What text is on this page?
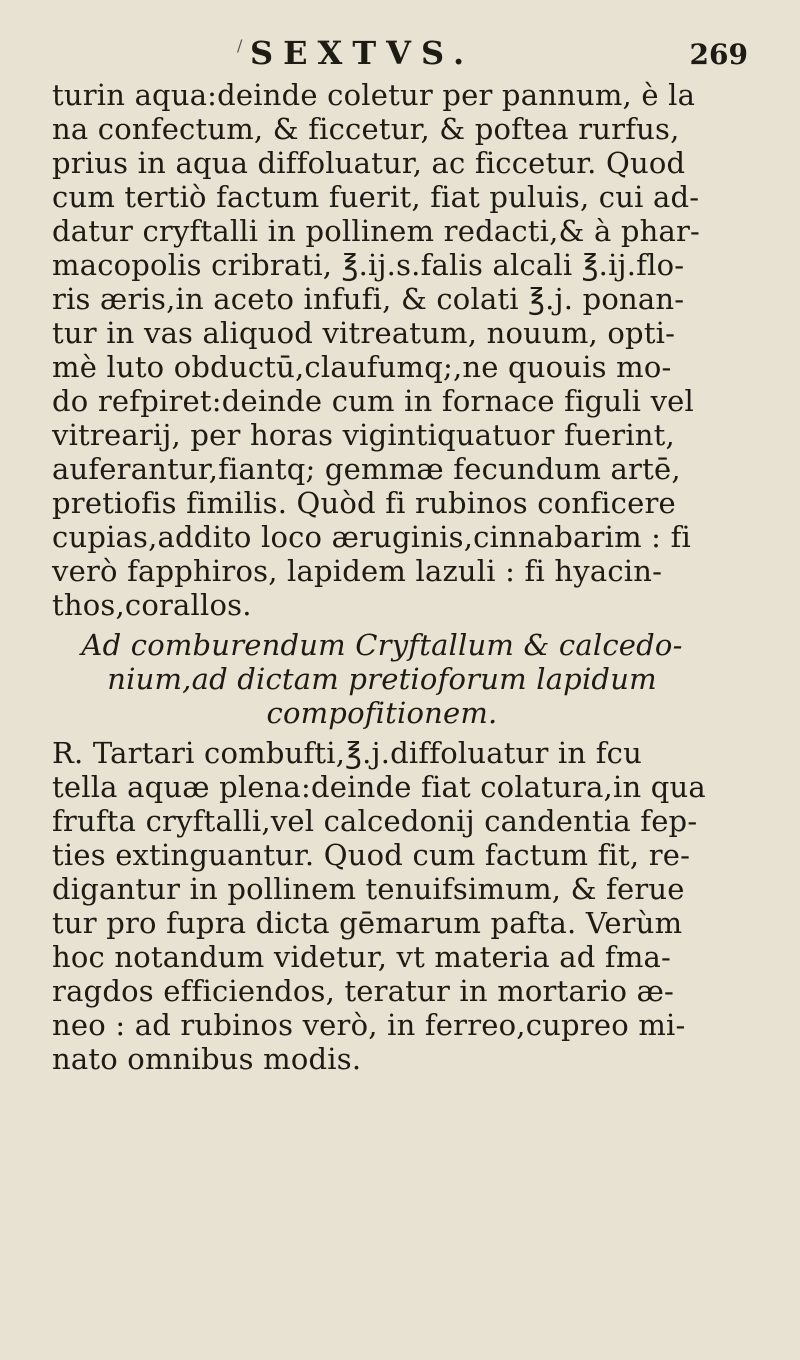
/ SEXTVS.	269
turin aqua:deinde coletur per pannum, è la
na confectum, & ficcetur, & poftea rurfus,
prius in aqua diffoluatur, ac ficcetur. Quod
cum tertiò factum fuerit, fiat puluis, cui ad-
datur cryftalli in pollinem redacti,& à phar-
macopolis cribrati, ℥.ij.s.falis alcali ℥.ij.flo-
ris æris,in aceto infufi, & colati ℥.j. ponan-
tur in vas aliquod vitreatum, nouum, opti-
mè luto obductū,claufumq;,ne quouis mo-
do refpiret:deinde cum in fornace figuli vel
vitrearij, per horas vigintiquatuor fuerint,
auferantur,fiantq; gemmæ fecundum artē,
pretiofis fimilis. Quòd fi rubinos conficere
cupias,addito loco æruginis,cinnabarim : fi
verò fapphiros, lapidem lazuli : fi hyacin-
thos,corallos.
Ad comburendum Cryftallum & calcedo-
nium,ad dictam pretioforum lapidum
compofitionem.
R. Tartari combufti,℥.j.diffoluatur in fcu
tella aquæ plena:deinde fiat colatura,in qua
frufta cryftalli,vel calcedonij candentia fep-
ties extinguantur. Quod cum factum fit, re-
digantur in pollinem tenuifsimum, & ferue
tur pro fupra dicta gēmarum pafta. Verùm
hoc notandum videtur, vt materia ad fma-
ragdos efficiendos, teratur in mortario æ-
neo : ad rubinos verò, in ferreo,cupreo mi-
nato omnibus modis.
